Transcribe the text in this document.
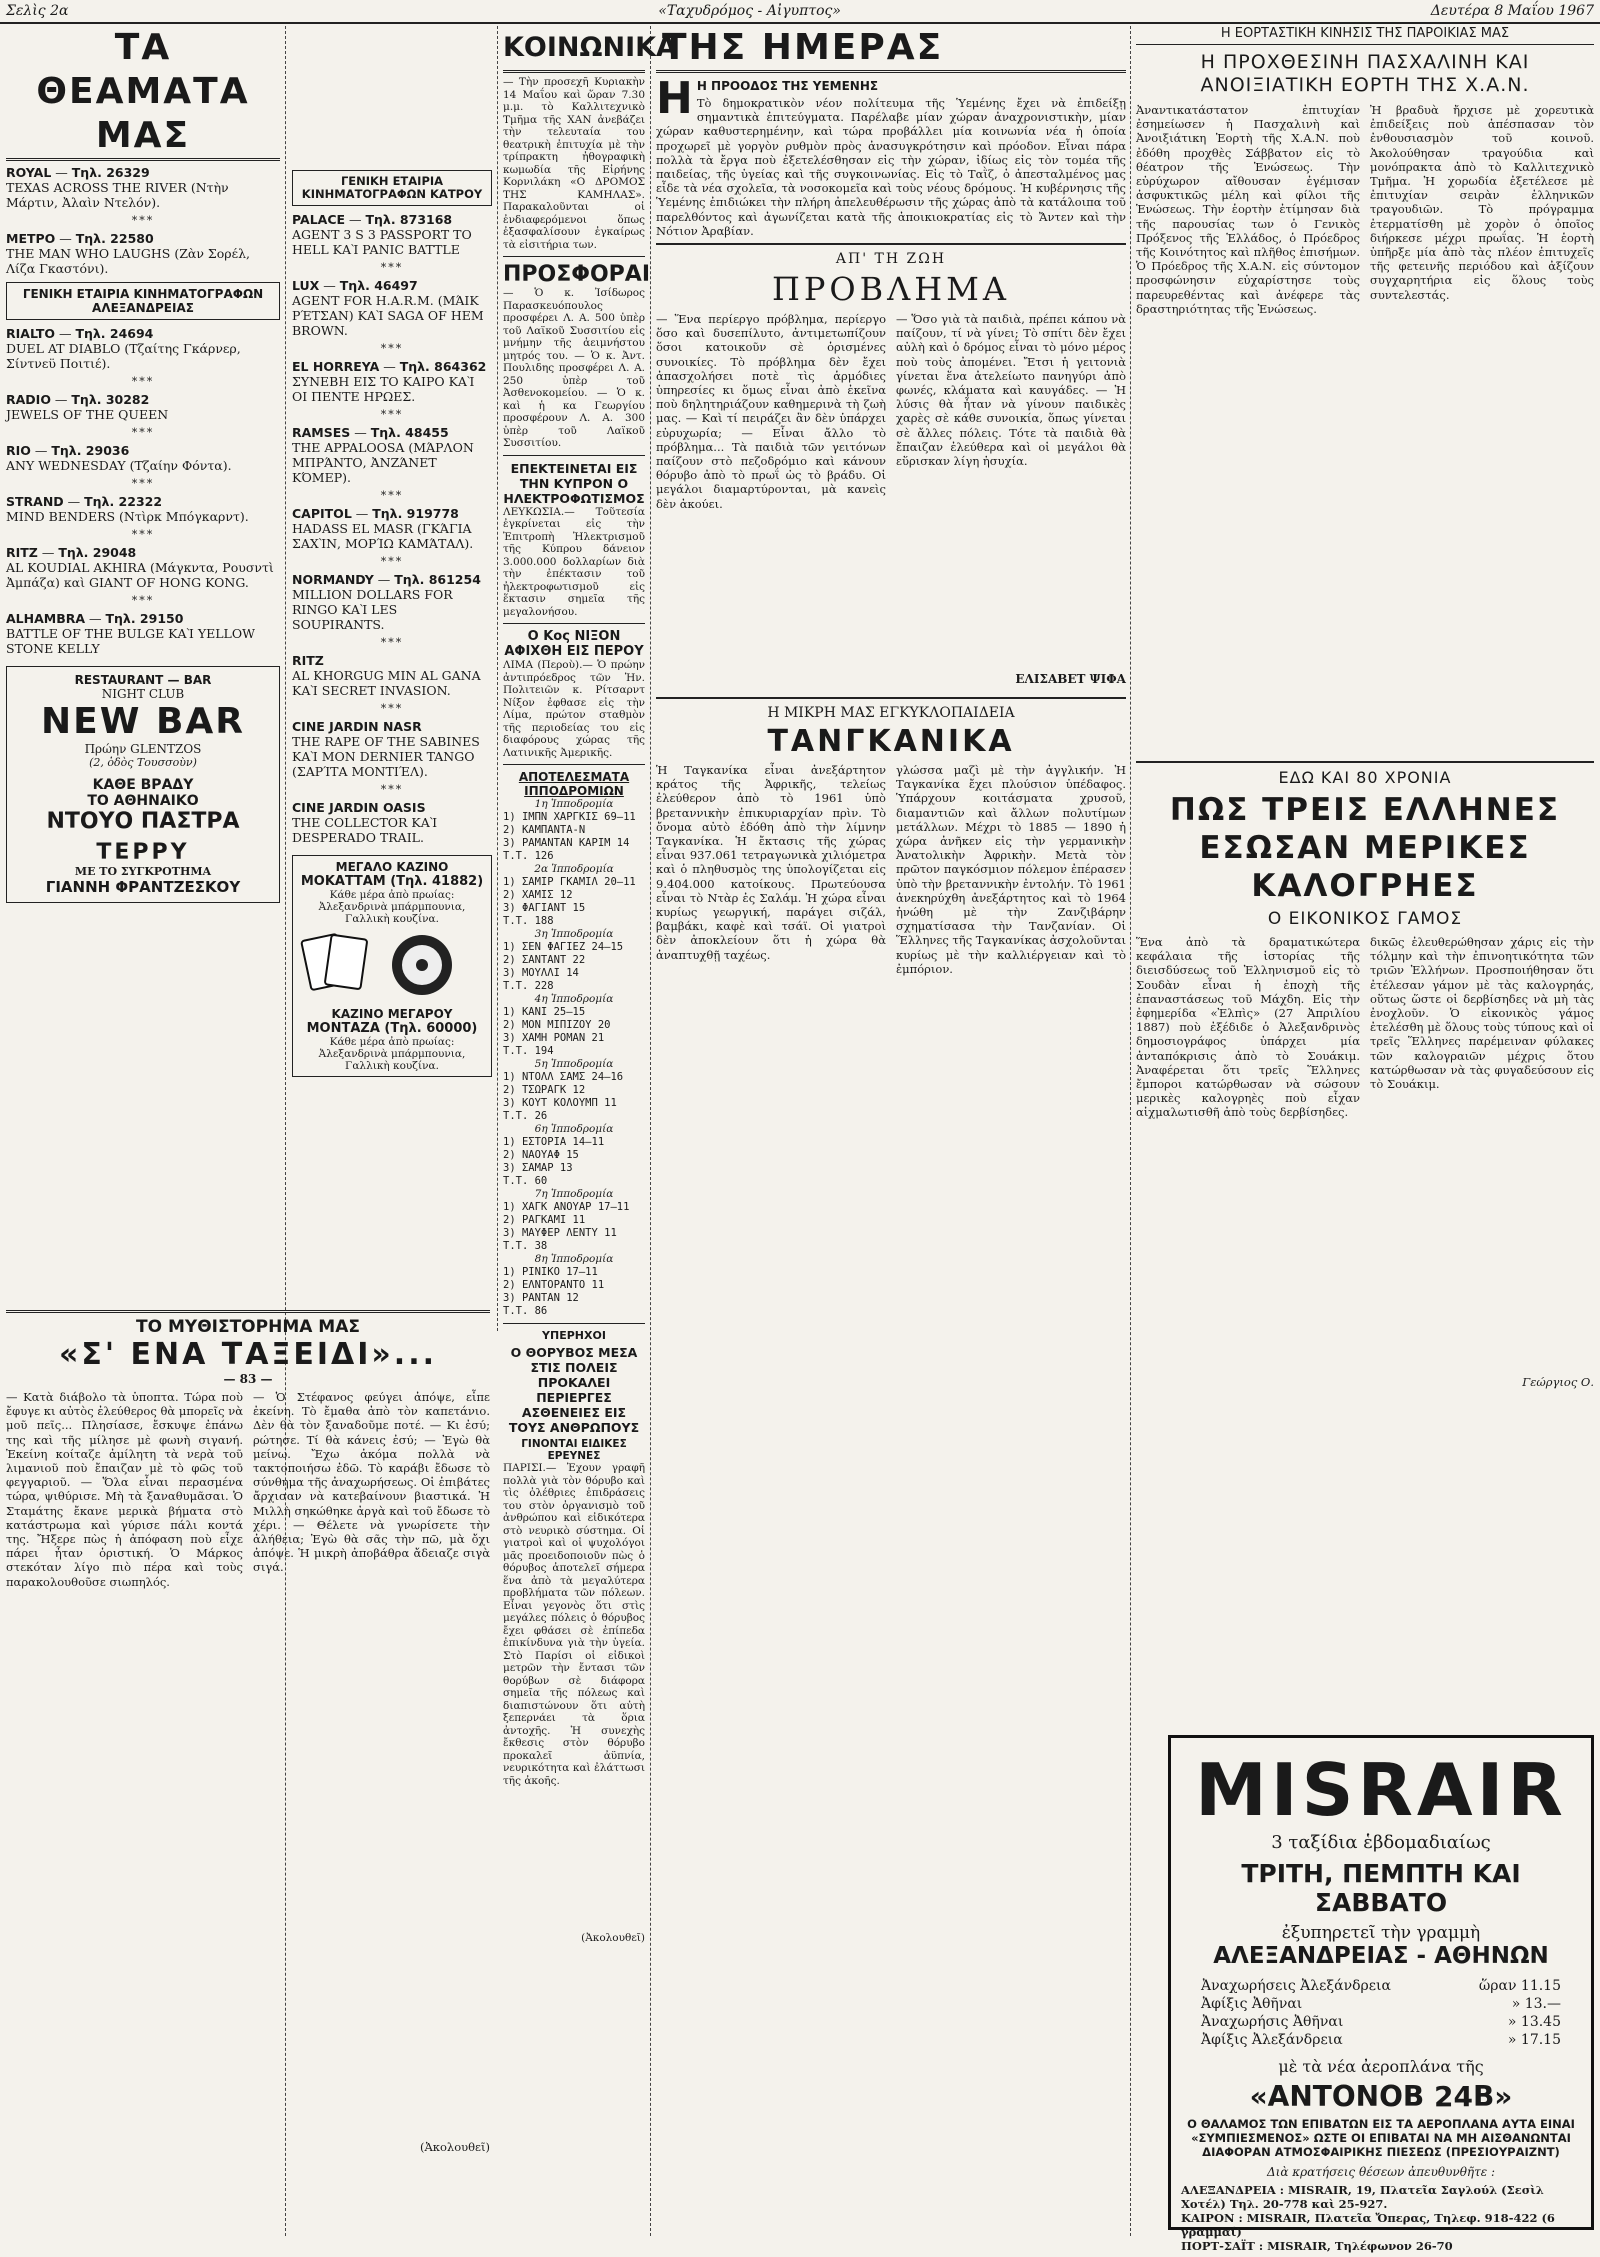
Σελὶς 2α	«Ταχυδρόμος - Αἰγυπτος»	Δευτέρα 8 Μαΐου 1967
ΤΑ ΘΕΑΜΑΤΑ ΜΑΣ
ROYAL — Τηλ. 26329
TEXAS ACROSS THE RIVER (Ντὴν Μάρτιν, Ἀλαὶν Ντελόν).
***
ΜΕΤΡΟ — Τηλ. 22580
THE MAN WHO LAUGHS (Ζὰν Σορέλ, Λίζα Γκαστόνι).
ΓΕΝΙΚΗ ΕΤΑΙΡΙΑ ΚΙΝΗΜΑΤΟΓΡΑΦΩΝ ΑΛΕΞΑΝΔΡΕΙΑΣ
RIALTO — Τηλ. 24694
DUEL AT DIABLO (Τζαίτης Γκάρνερ, Σίντνεϋ Ποιτιέ).
***
RADIO — Τηλ. 30282
JEWELS OF THE QUEEN
***
RIO — Τηλ. 29036
ANY WEDNESDAY (Τζαίην Φόντα).
***
STRAND — Τηλ. 22322
MIND BENDERS (Ντὶρκ Μπόγκαρντ).
***
RITZ — Τηλ. 29048
AL KOUDIAL AKHIRA (Μάγκντα, Ρουσντὶ Ἀμπάζα) καὶ GIANT OF HONG KONG.
***
ALHAMBRA — Τηλ. 29150
BATTLE OF THE BULGE ΚΑῚ YELLOW STONE KELLY
RESTAURANT — BAR
NIGHT CLUB
NEW BAR
Πρώην GLENTZOS
(2, ὁδὸς Τουσσοὺν)
ΚΑΘΕ ΒΡΑΔΥ
ΤΟ ΑΘΗΝΑΙΚΟ
ΝΤΟΥΟ ΠΑΣΤΡΑ
ΤΕΡΡΥ
ΜΕ ΤΟ ΣΥΓΚΡΟΤΗΜΑ
ΓΙΑΝΝΗ ΦΡΑΝΤΖΕΣΚΟΥ
ΓΕΝΙΚΗ ΕΤΑΙΡΙΑ ΚΙΝΗΜΑΤΟΓΡΑΦΩΝ ΚΑΤΡΟΥ
PALACE — Τηλ. 873168
AGENT 3 S 3 PASSPORT TO HELL ΚΑῚ PANIC BATTLE
***
LUX — Τηλ. 46497
AGENT FOR H.A.R.M. (ΜΆΙΚ ΡΈΤΣΑΝ) ΚΑῚ SAGA OF HEM BROWN.
***
EL HORREYA — Τηλ. 864362
ΣΥΝΕΒΗ ΕΙΣ ΤΟ ΚΑΙΡΟ ΚΑῚ ΟΙ ΠΕΝΤΕ ΗΡΩΕΣ.
***
RAMSES — Τηλ. 48455
THE APPALOOSA (ΜΆΡΛΟΝ ΜΠΡΆΝΤΟ, ἈΝΖΆΝΕΤ ΚΌΜΕΡ).
***
CAPITOL — Τηλ. 919778
HADASS EL MASR (ΓΚΆΓΙΑ ΣΑΧῚΝ, ΜΟΡΊΩ ΚΑΜΆΤΑΛ).
***
NORMANDY — Τηλ. 861254
MILLION DOLLARS FOR RINGO ΚΑῚ LES SOUPIRANTS.
***
RITZ
AL KHORGUG MIN AL GANA ΚΑῚ SECRET INVASION.
***
CINE JARDIN NASR
THE RAPE OF THE SABINES ΚΑῚ MON DERNIER TANGO (ΣΑΡΊΤΑ ΜΟΝΤΙΈΛ).
***
CINE JARDIN OASIS
THE COLLECTOR ΚΑῚ DESPERADO TRAIL.
ΜΕΓΑΛΟ ΚΑΖΙΝΟ
ΜΟΚΑΤΤΑΜ (Τηλ. 41882)
Κάθε μέρα ἀπὸ πρωίας: Ἀλεξανδρινὰ μπάρμπουνια, Γαλλικὴ κουζίνα.
ΚΑΖΙΝΟ ΜΕΓΑΡΟΥ
ΜΟΝΤΑΖΑ (Τηλ. 60000)
Κάθε μέρα ἀπὸ πρωίας: Ἀλεξανδρινὰ μπάρμπουνια, Γαλλικὴ κουζίνα.
ΤΟ ΜΥΘΙΣΤΟΡΗΜΑ ΜΑΣ
«Σ' ΕΝΑ ΤΑΞΕΙΔΙ»...
— 83 —
— Κατὰ διάβολο τὰ ὑποπτα. Τώρα ποὺ ἔφυγε κι αὐτὸς ἐλεύθερος θὰ μπορεῖς νὰ μοῦ πεῖς... Πλησίασε, ἔσκυψε ἐπάνω της καὶ τῆς μίλησε μὲ φωνὴ σιγανή. Ἐκείνη κοίταζε ἀμίλητη τὰ νερὰ τοῦ λιμανιοῦ ποὺ ἔπαιζαν μὲ τὸ φῶς τοῦ φεγγαριοῦ. — Ὅλα εἶναι περασμένα τώρα, ψιθύρισε. Μὴ τὰ ξαναθυμᾶσαι. Ὁ Σταμάτης ἔκανε μερικὰ βήματα στὸ κατάστρωμα καὶ γύρισε πάλι κοντά της. Ἤξερε πὼς ἡ ἀπόφαση ποὺ εἶχε πάρει ἦταν ὁριστική. Ὁ Μάρκος στεκόταν λίγο πιὸ πέρα καὶ τοὺς παρακολουθοῦσε σιωπηλός.
— Ὁ Στέφανος φεύγει ἀπόψε, εἶπε ἐκείνη. Τὸ ἔμαθα ἀπὸ τὸν καπετάνιο. Δὲν θὰ τὸν ξαναδοῦμε ποτέ. — Κι ἐσύ; ρώτησε. Τί θὰ κάνεις ἐσύ; — Ἐγὼ θὰ μείνω. Ἔχω ἀκόμα πολλὰ νὰ τακτοποιήσω ἐδῶ. Τὸ καράβι ἔδωσε τὸ σύνθημα τῆς ἀναχωρήσεως. Οἱ ἐπιβάτες ἄρχισαν νὰ κατεβαίνουν βιαστικά. Ἡ Μιλλὴ σηκώθηκε ἀργὰ καὶ τοῦ ἔδωσε τὸ χέρι. — Θέλετε νὰ γνωρίσετε τὴν ἀλήθεια; Ἐγὼ θὰ σᾶς τὴν πῶ, μὰ ὄχι ἀπόψε. Ἡ μικρὴ ἀποβάθρα ἄδειαζε σιγὰ σιγά.
(Ἀκολουθεῖ)
ΚΟΙΝΩΝΙΚΑ
— Τὴν προσεχῆ Κυριακὴν 14 Μαΐου καὶ ὥραν 7.30 μ.μ. τὸ Καλλιτεχνικὸ Τμῆμα τῆς ΧΑΝ ἀνεβάζει τὴν τελευταία του θεατρικὴ ἐπιτυχία μὲ τὴν τρίπρακτη ἠθογραφικὴ κωμωδία τῆς Εἰρήνης Κορνιλάκη «Ο ΔΡΟΜΟΣ ΤΗΣ ΚΑΜΗΛΑΣ». Παρακαλοῦνται οἱ ἐνδιαφερόμενοι ὅπως ἐξασφαλίσουν ἐγκαίρως τὰ εἰσιτήρια των.
ΠΡΟΣΦΟΡΑΙ
— Ὁ κ. Ἰσίδωρος Παρασκευόπουλος προσφέρει Λ. Α. 500 ὑπὲρ τοῦ Λαϊκοῦ Συσσιτίου εἰς μνήμην τῆς ἀειμνήστου μητρός του. — Ὁ κ. Ἀντ. Πουλιδης προσφέρει Λ. Α. 250 ὑπὲρ τοῦ Ἀσθενοκομείου. — Ὁ κ. καὶ ἡ κα Γεωργίου προσφέρουν Λ. Α. 300 ὑπὲρ τοῦ Λαϊκοῦ Συσσιτίου.
ΕΠΕΚΤΕΙΝΕΤΑΙ ΕΙΣ ΤΗΝ ΚΥΠΡΟΝ Ο ΗΛΕΚΤΡΟΦΩΤΙΣΜΟΣ
ΛΕΥΚΩΣΙΑ.— Τοῦτεσία ἐγκρίνεται εἰς τὴν Ἐπιτροπὴ Ἠλεκτρισμοῦ τῆς Κύπρου δάνειον 3.000.000 δολλαρίων διὰ τὴν ἐπέκτασιν τοῦ ἠλεκτροφωτισμοῦ εἰς ἕκτασιν σημεῖα τῆς μεγαλονήσου.
Ο Κος ΝΙΞΟΝ ΑΦΙΧΘΗ ΕΙΣ ΠΕΡΟΥ
ΛΙΜΑ (Περοὺ).— Ὁ πρώην ἀντιπρόεδρος τῶν Ἡν. Πολιτειῶν κ. Ρίτσαρντ Νίξον ἐφθασε εἰς τὴν Λίμα, πρώτον σταθμὸν τῆς περιοδείας του εἰς διαφόρους χώρας τῆς Λατινικῆς Ἀμερικῆς.
ΑΠΟΤΕΛΕΣΜΑΤΑ ΙΠΠΟΔΡΟΜΙΩΝ
1η Ἱπποδρομία
1) ΙΜΠΝ ΧΑΡΓΚΙΣ 69—11
2) ΚΑΜΠΑΝΤΑ-Ν
3) ΡΑΜΑΝΤΑΝ ΚΑΡΙΜ 14
Τ.Τ. 126
2α Ἱπποδρομία
1) ΣΑΜΙΡ ΓΚΑΜΙΛ 20—11
2) ΧΑΜΙΣ 12
3) ΦΑΓΙΑΝΤ 15
Τ.Τ. 188
3η Ἱπποδρομία
1) ΣΕΝ ΦΑΓΙΕΖ 24—15
2) ΣΑΝΤΑΝΤ 22
3) ΜΟΥΛΛΙ 14
Τ.Τ. 228
4η Ἱπποδρομία
1) ΚΑΝΙ 25—15
2) ΜΟΝ ΜΙΠΙΖΟΥ 20
3) ΧΑΜΗ ΡΟΜΑΝ 21
Τ.Τ. 194
5η Ἱπποδρομία
1) ΝΤΟΛΛ ΣΑΜΣ 24—16
2) ΤΣΩΡΑΓΚ 12
3) ΚΟΥΤ ΚΟΛΟΥΜΠ 11
Τ.Τ. 26
6η Ἱπποδρομία
1) ΕΣΤΟΡΙΑ 14—11
2) ΝΑΟΥΑΦ 15
3) ΣΑΜΑΡ 13
Τ.Τ. 60
7η Ἱπποδρομία
1) ΧΑΓΚ ΑΝΟΥΑΡ 17—11
2) ΡΑΓΚΑΜΙ 11
3) ΜΑΥΦΕΡ ΛΕΝΤΥ 11
Τ.Τ. 38
8η Ἱπποδρομία
1) ΡΙΝΙΚΟ 17—11
2) ΕΛΝΤΟΡΑΝΤΟ 11
3) ΡΑΝΤΑΝ 12
Τ.Τ. 86
ΥΠΕΡΗΧΟΙ
Ο ΘΟΡΥΒΟΣ ΜΕΣΑ ΣΤΙΣ ΠΟΛΕΙΣ ΠΡΟΚΑΛΕΙ ΠΕΡΙΕΡΓΕΣ ΑΣΘΕΝΕΙΕΣ ΕΙΣ ΤΟΥΣ ΑΝΘΡΩΠΟΥΣ
ΓΙΝΟΝΤΑΙ ΕΙΔΙΚΕΣ ΕΡΕΥΝΕΣ
ΠΑΡΙΣΙ.— Ἐχουν γραφῆ πολλὰ γιὰ τὸν θόρυβο καὶ τὶς ὀλέθριες ἐπιδράσεις του στὸν ὀργανισμὸ τοῦ ἀνθρώπου καὶ εἰδικότερα στὸ νευρικὸ σύστημα. Οἱ γιατροὶ καὶ οἱ ψυχολόγοι μᾶς προειδοποιοῦν πὼς ὁ θόρυβος ἀποτελεῖ σήμερα ἕνα ἀπὸ τὰ μεγαλύτερα προβλήματα τῶν πόλεων. Εἶναι γεγονὸς ὅτι στὶς μεγάλες πόλεις ὁ θόρυβος ἔχει φθάσει σὲ ἐπίπεδα ἐπικίνδυνα γιὰ τὴν ὑγεία. Στὸ Παρίσι οἱ εἰδικοὶ μετρῶν τὴν ἔντασι τῶν θορύβων σὲ διάφορα σημεῖα τῆς πόλεως καὶ διαπιστώνουν ὅτι αὐτὴ ξεπερνάει τὰ ὅρια ἀντοχῆς. Ἡ συνεχὴς ἔκθεσις στὸν θόρυβο προκαλεῖ ἀϋπνία, νευρικότητα καὶ ἐλάττωσι τῆς ἀκοῆς.
(Ἀκολουθεῖ)
ΤΗΣ ΗΜΕΡΑΣ
Η Η ΠΡΟΟΔΟΣ ΤΗΣ ΥΕΜΕΝΗΣ
Τὸ δημοκρατικὸν νέον πολίτευμα τῆς Ὑεμένης ἔχει νὰ ἐπιδείξῃ σημαντικὰ ἐπιτεύγματα. Παρέλαβε μίαν χώραν ἀναχρονιστικὴν, μίαν χώραν καθυστερημένην, καὶ τώρα προβάλλει μία κοινωνία νέα ἡ ὁποία προχωρεῖ μὲ γοργὸν ρυθμὸν πρὸς ἀνασυγκρότησιν καὶ πρόοδον. Εἶναι πάρα πολλὰ τὰ ἔργα ποὺ ἐξετελέσθησαν εἰς τὴν χώραν, ἰδίως εἰς τὸν τομέα τῆς παιδείας, τῆς ὑγείας καὶ τῆς συγκοινωνίας. Εἰς τὸ Ταῒζ, ὁ ἀπεσταλμένος μας εἶδε τὰ νέα σχολεῖα, τὰ νοσοκομεῖα καὶ τοὺς νέους δρόμους. Ἡ κυβέρνησις τῆς Ὑεμένης ἐπιδιώκει τὴν πλήρη ἀπελευθέρωσιν τῆς χώρας ἀπὸ τὰ κατάλοιπα τοῦ παρελθόντος καὶ ἀγωνίζεται κατὰ τῆς ἀποικιοκρατίας εἰς τὸ Ἄντεν καὶ τὴν Νότιον Ἀραβίαν.
ΑΠ' ΤΗ ΖΩΗ
ΠΡΟΒΛΗΜΑ
— Ἕνα περίεργο πρόβλημα, περίεργο ὅσο καὶ δυσεπίλυτο, ἀντιμετωπίζουν ὅσοι κατοικοῦν σὲ ὁρισμένες συνοικίες. Τὸ πρόβλημα δὲν ἔχει ἀπασχολήσει ποτὲ τὶς ἁρμόδιες ὑπηρεσίες κι ὅμως εἶναι ἀπὸ ἐκεῖνα ποὺ δηλητηριάζουν καθημερινὰ τὴ ζωὴ μας. — Καὶ τί πειράζει ἂν δὲν ὑπάρχει εὐρυχωρία; — Εἶναι ἄλλο τὸ πρόβλημα... Τὰ παιδιὰ τῶν γειτόνων παίζουν στὸ πεζοδρόμιο καὶ κάνουν θόρυβο ἀπὸ τὸ πρωΐ ὡς τὸ βράδυ. Οἱ μεγάλοι διαμαρτύρονται, μὰ κανεὶς δὲν ἀκούει.
— Ὅσο γιὰ τὰ παιδιὰ, πρέπει κάπου νὰ παίζουν, τί νὰ γίνει; Τὸ σπίτι δὲν ἔχει αὐλὴ καὶ ὁ δρόμος εἶναι τὸ μόνο μέρος ποὺ τοὺς ἀπομένει. Ἔτσι ἡ γειτονιὰ γίνεται ἕνα ἀτελείωτο πανηγύρι ἀπὸ φωνές, κλάματα καὶ καυγάδες. — Ἡ λύσις θὰ ἦταν νὰ γίνουν παιδικὲς χαρὲς σὲ κάθε συνοικία, ὅπως γίνεται σὲ ἄλλες πόλεις. Τότε τὰ παιδιὰ θὰ ἔπαιζαν ἐλεύθερα καὶ οἱ μεγάλοι θὰ εὕρισκαν λίγη ἡσυχία.
ΕΛΙΣΑΒΕΤ ΨΙΦΑ
Η ΜΙΚΡΗ ΜΑΣ ΕΓΚΥΚΛΟΠΑΙΔΕΙΑ
ΤΑΝΓΚΑΝΙΚΑ
Ἡ Ταγκανίκα εἶναι ἀνεξάρτητον κράτος τῆς Ἀφρικῆς, τελείως ἐλεύθερον ἀπὸ τὸ 1961 ὑπὸ βρεταννικὴν ἐπικυριαρχίαν πρὶν. Τὸ ὄνομα αὐτὸ ἐδόθη ἀπὸ τὴν λίμνην Ταγκανίκα. Ἡ ἔκτασις τῆς χώρας εἶναι 937.061 τετραγωνικὰ χιλιόμετρα καὶ ὁ πληθυσμὸς της ὑπολογίζεται εἰς 9.404.000 κατοίκους. Πρωτεύουσα εἶναι τὸ Ντὰρ ἐς Σαλάμ. Ἡ χώρα εἶναι κυρίως γεωργική, παράγει σιζάλ, βαμβάκι, καφὲ καὶ τσάϊ. Οἱ γιατροὶ δὲν ἀποκλείουν ὅτι ἡ χώρα θὰ ἀναπτυχθῇ ταχέως.
γλώσσα μαζὶ μὲ τὴν ἀγγλικήν. Ἡ Ταγκανίκα ἔχει πλούσιον ὑπέδαφος. Ὑπάρχουν κοιτάσματα χρυσοῦ, διαμαντιῶν καὶ ἄλλων πολυτίμων μετάλλων. Μέχρι τὸ 1885 — 1890 ἡ χώρα ἀνῆκεν εἰς τὴν γερμανικὴν Ἀνατολικὴν Ἀφρικὴν. Μετὰ τὸν πρῶτον παγκόσμιον πόλεμον ἐπέρασεν ὑπὸ τὴν βρεταννικὴν ἐντολήν. Τὸ 1961 ἀνεκηρύχθη ἀνεξάρτητος καὶ τὸ 1964 ἡνώθη μὲ τὴν Ζανζιβάρην σχηματίσασα τὴν Τανζανίαν. Οἱ Ἕλληνες τῆς Ταγκανίκας ἀσχολοῦνται κυρίως μὲ τὴν καλλιέργειαν καὶ τὸ ἐμπόριον.
Η ΕΟΡΤΑΣΤΙΚΗ ΚΙΝΗΣΙΣ ΤΗΣ ΠΑΡΟΙΚΙΑΣ ΜΑΣ
Η ΠΡΟΧΘΕΣΙΝΗ ΠΑΣΧΑΛΙΝΗ ΚΑΙ ΑΝΟΙΞΙΑΤΙΚΗ ΕΟΡΤΗ ΤΗΣ Χ.Α.Ν.
Ἀναντικατάστατον ἐπιτυχίαν ἐσημείωσεν ἡ Πασχαλινὴ καὶ Ἀνοιξιάτικη Ἑορτὴ τῆς Χ.Α.Ν. ποὺ ἐδόθη προχθὲς Σάββατον εἰς τὸ θέατρον τῆς Ἑνώσεως. Τὴν εὐρύχωρον αἴθουσαν ἐγέμισαν ἀσφυκτικῶς μέλη καὶ φίλοι τῆς Ἑνώσεως. Τὴν ἑορτὴν ἐτίμησαν διὰ τῆς παρουσίας των ὁ Γενικὸς Πρόξενος τῆς Ἑλλάδος, ὁ Πρόεδρος τῆς Κοινότητος καὶ πλῆθος ἐπισήμων. Ὁ Πρόεδρος τῆς Χ.Α.Ν. εἰς σύντομον προσφώνησιν εὐχαρίστησε τοὺς παρευρεθέντας καὶ ἀνέφερε τὰς δραστηριότητας τῆς Ἑνώσεως.
Ἠ βραδυὰ ἤρχισε μὲ χορευτικὰ ἐπιδείξεις ποὺ ἀπέσπασαν τὸν ἐνθουσιασμὸν τοῦ κοινοῦ. Ἀκολούθησαν τραγούδια καὶ μονόπρακτα ἀπὸ τὸ Καλλιτεχνικὸ Τμῆμα. Ἡ χορωδία ἐξετέλεσε μὲ ἐπιτυχίαν σειρὰν ἑλληνικῶν τραγουδιῶν. Τὸ πρόγραμμα ἐτερματίσθη μὲ χορὸν ὁ ὁποῖος διήρκεσε μέχρι πρωΐας. Ἡ ἑορτὴ ὑπῆρξε μία ἀπὸ τὰς πλέον ἐπιτυχεῖς τῆς φετεινῆς περιόδου καὶ ἀξίζουν συγχαρητήρια εἰς ὅλους τοὺς συντελεστάς.
ΕΔΩ ΚΑΙ 80 ΧΡΟΝΙΑ
ΠΩΣ ΤΡΕΙΣ ΕΛΛΗΝΕΣ ΕΣΩΣΑΝ ΜΕΡΙΚΕΣ ΚΑΛΟΓΡΗΕΣ
Ο ΕΙΚΟΝΙΚΟΣ ΓΑΜΟΣ
Ἕνα ἀπὸ τὰ δραματικώτερα κεφάλαια τῆς ἱστορίας τῆς διεισδύσεως τοῦ Ἑλληνισμοῦ εἰς τὸ Σουδὰν εἶναι ἡ ἐποχὴ τῆς ἐπαναστάσεως τοῦ Μάχδη. Εἰς τὴν ἐφημερίδα «Ἐλπὶς» (27 Ἀπριλίου 1887) ποὺ ἐξέδιδε ὁ Ἀλεξανδρινὸς δημοσιογράφος ὑπάρχει μία ἀνταπόκρισις ἀπὸ τὸ Σουάκιμ. Ἀναφέρεται ὅτι τρεῖς Ἕλληνες ἔμποροι κατώρθωσαν νὰ σώσουν μερικὲς καλογρηὲς ποὺ εἶχαν αἰχμαλωτισθῆ ἀπὸ τοὺς δερβίσηδες.
δικῶς ἐλευθερώθησαν χάρις εἰς τὴν τόλμην καὶ τὴν ἐπινοητικότητα τῶν τριῶν Ἑλλήνων. Προσποιήθησαν ὅτι ἐτέλεσαν γάμον μὲ τὰς καλογρηάς, οὕτως ὥστε οἱ δερβίσηδες νὰ μὴ τὰς ἐνοχλοῦν. Ὁ εἰκονικὸς γάμος ἐτελέσθη μὲ ὅλους τοὺς τύπους καὶ οἱ τρεῖς Ἕλληνες παρέμειναν φύλακες τῶν καλογραιῶν μέχρις ὅτου κατώρθωσαν νὰ τὰς φυγαδεύσουν εἰς τὸ Σουάκιμ.
Γεώργιος Ο.
MISRAIR
3 ταξίδια ἑβδομαδιαίως
ΤΡΙΤΗ, ΠΕΜΠΤΗ ΚΑΙ ΣΑΒΒΑΤΟ
ἐξυπηρετεῖ τὴν γραμμὴ
ΑΛΕΞΑΝΔΡΕΙΑΣ - ΑΘΗΝΩΝ
Ἀναχωρήσεις Ἀλεξάνδρεια	ὥραν 11.15
Ἀφίξις Ἀθῆναι	» 13.—
Ἀναχωρήσις Ἀθῆναι	» 13.45
Ἀφίξις Ἀλεξάνδρεια	» 17.15
μὲ τὰ νέα ἀεροπλάνα τῆς
«ΑΝΤΟΝΟΒ 24Β»
Ο ΘΑΛΑΜΟΣ ΤΩΝ ΕΠΙΒΑΤΩΝ ΕΙΣ ΤΑ ΑΕΡΟΠΛΑΝΑ ΑΥΤΑ ΕΙΝΑΙ «ΣΥΜΠΙΕΣΜΕΝΟΣ» ΩΣΤΕ ΟΙ ΕΠΙΒΑΤΑΙ ΝΑ ΜΗ ΑΙΣΘΑΝΩΝΤΑΙ ΔΙΑΦΟΡΑΝ ΑΤΜΟΣΦΑΙΡΙΚΗΣ ΠΙΕΣΕΩΣ (ΠΡΕΣΙΟΥΡΑΙΖΝΤ)
Διὰ κρατήσεις θέσεων ἀπευθυνθῆτε :
ΑΛΕΞΑΝΔΡΕΙΑ : MISRAIR, 19, Πλατεῖα Σαγλούλ (Σεσὶλ Χοτέλ) Τηλ. 20-778 καὶ 25-927.
ΚΑΙΡΟΝ : MISRAIR, Πλατεῖα Ὄπερας, Τηλεφ. 918-422 (6 γραμμαί)
ΠΟΡΤ-ΣΑΪΤ : MISRAIR, Τηλέφωνον 26-70
